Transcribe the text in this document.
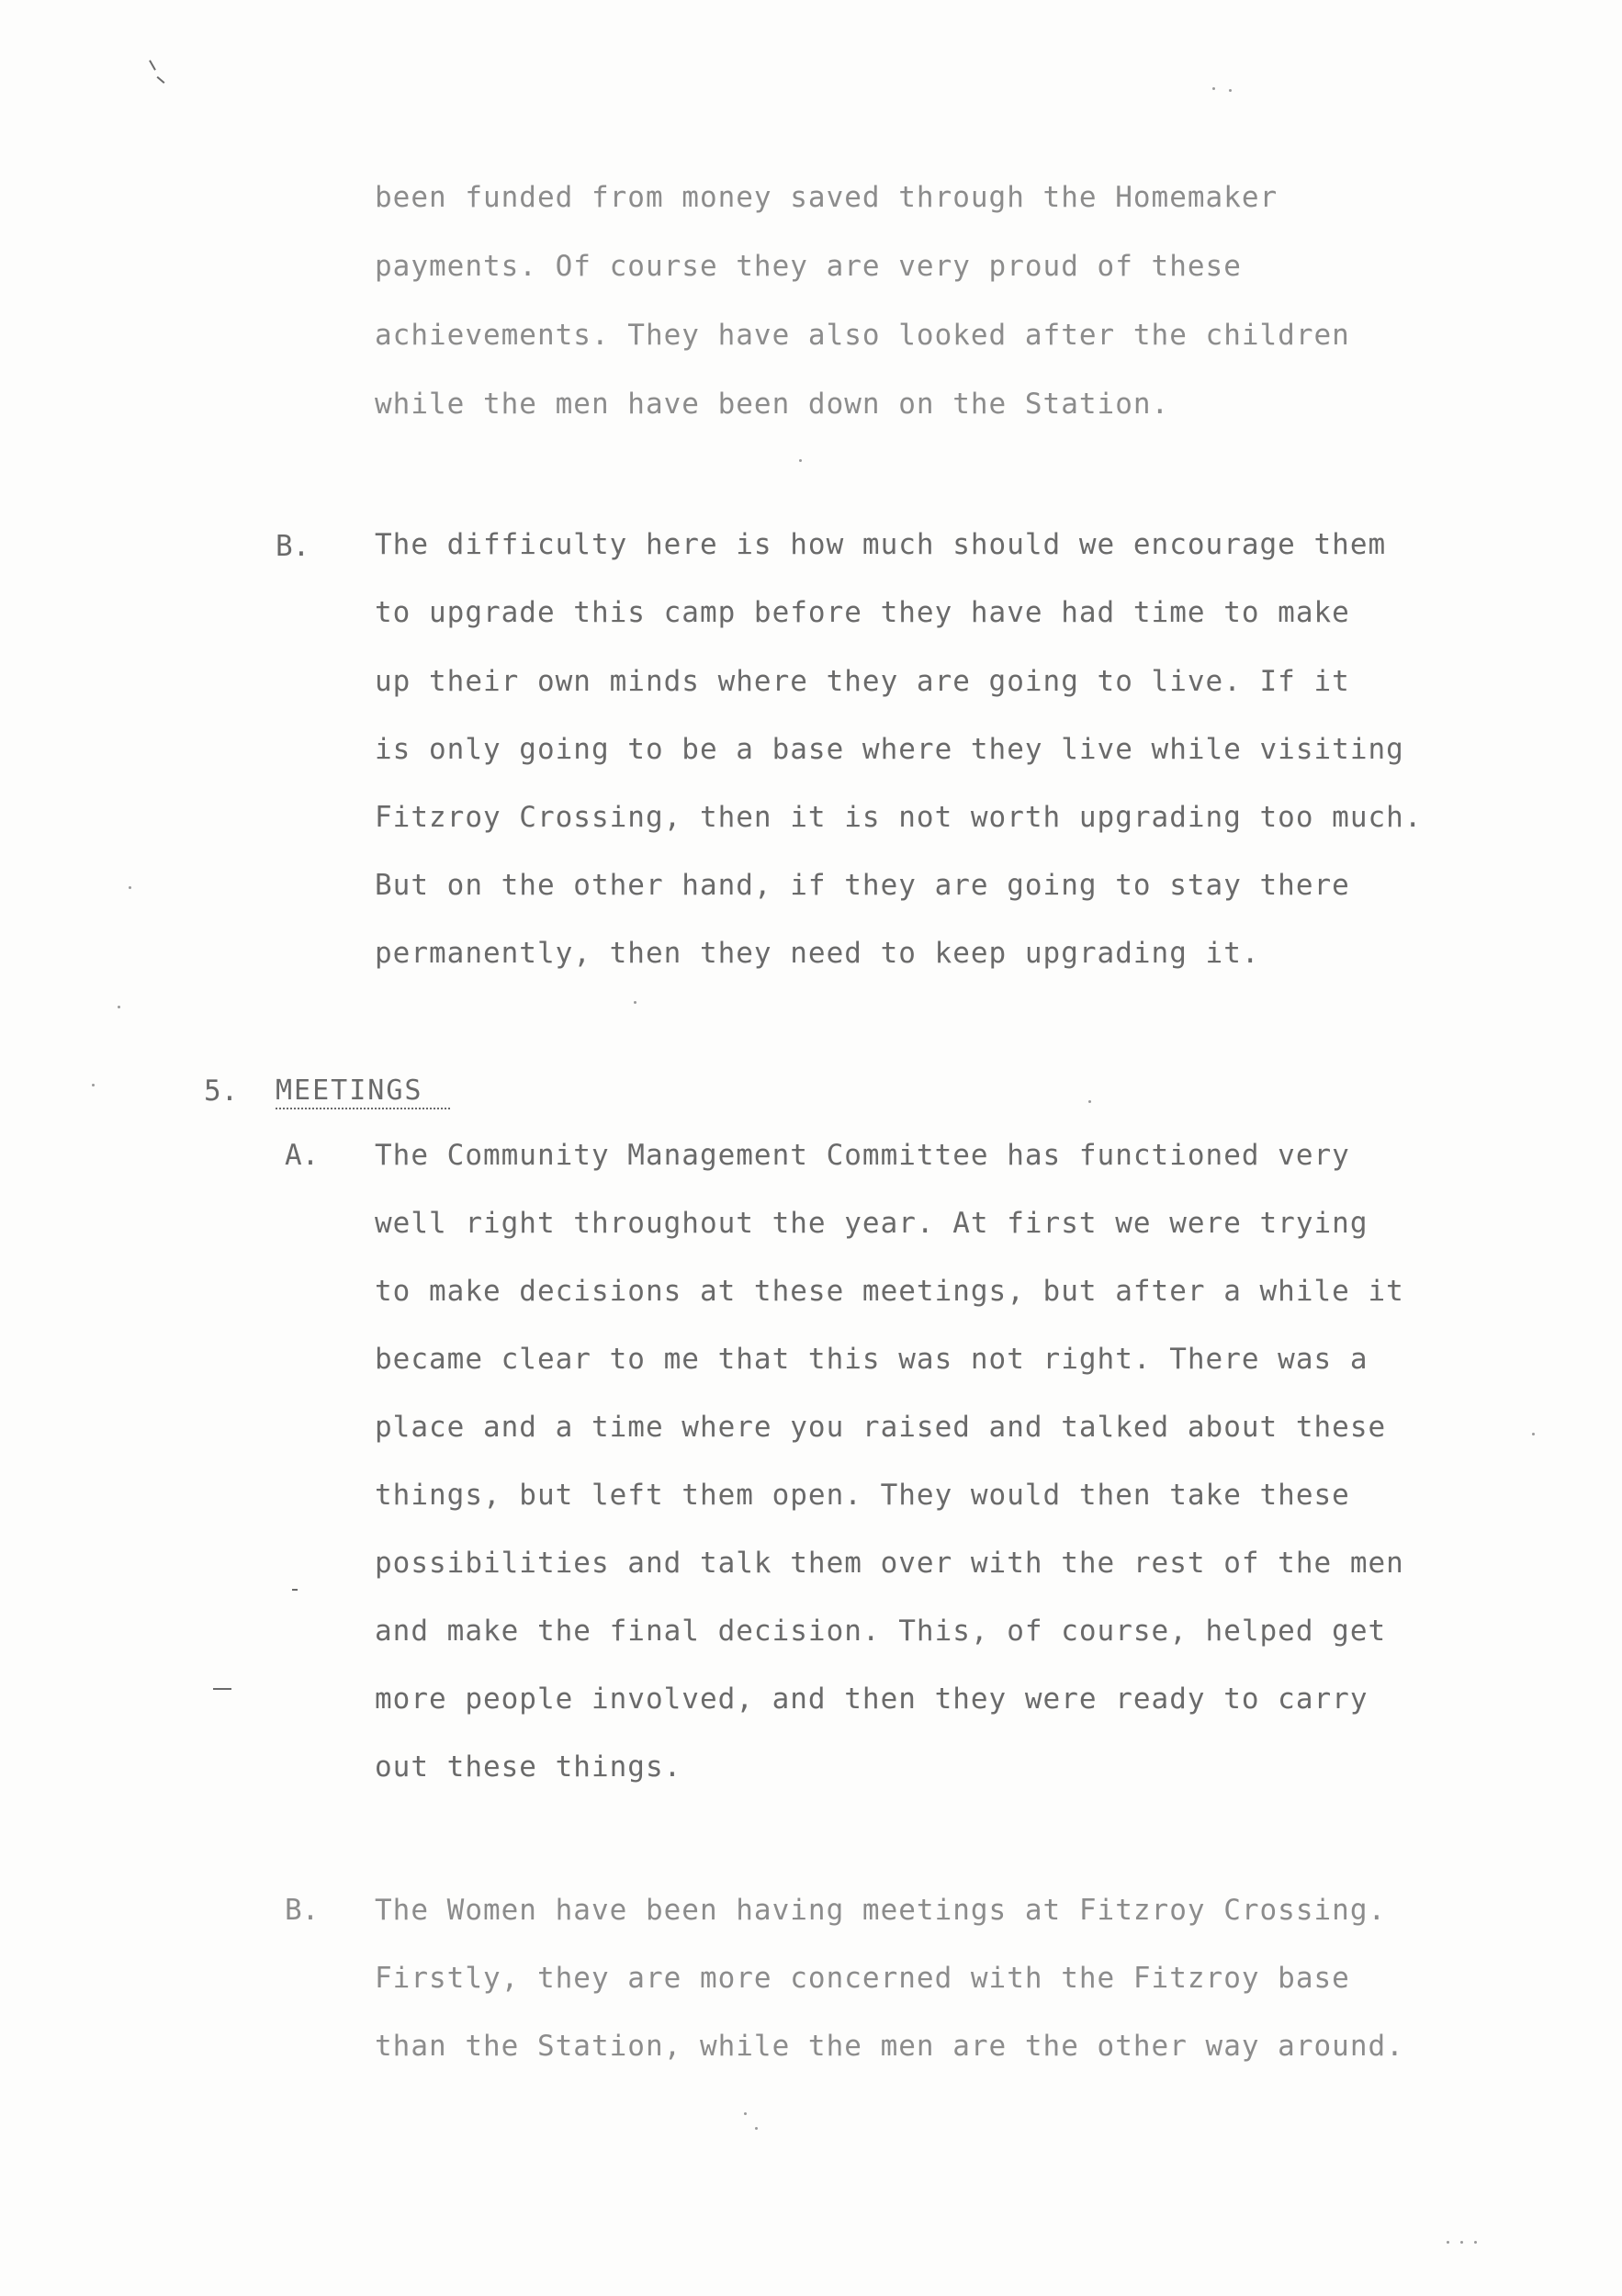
been funded from money saved through the Homemaker
payments. Of course they are very proud of these
achievements. They have also looked after the children
while the men have been down on the Station.
B. The difficulty here is how much should we encourage them
to upgrade this camp before they have had time to make
up their own minds where they are going to live. If it
is only going to be a base where they live while visiting
Fitzroy Crossing, then it is not worth upgrading too much.
But on the other hand, if they are going to stay there
permanently, then they need to keep upgrading it.
5. MEETINGS
A. The Community Management Committee has functioned very
well right throughout the year. At first we were trying
to make decisions at these meetings, but after a while it
became clear to me that this was not right. There was a
place and a time where you raised and talked about these
things, but left them open. They would then take these
possibilities and talk them over with the rest of the men
and make the final decision. This, of course, helped get
more people involved, and then they were ready to carry
out these things.
B. The Women have been having meetings at Fitzroy Crossing.
Firstly, they are more concerned with the Fitzroy base
than the Station, while the men are the other way around.
